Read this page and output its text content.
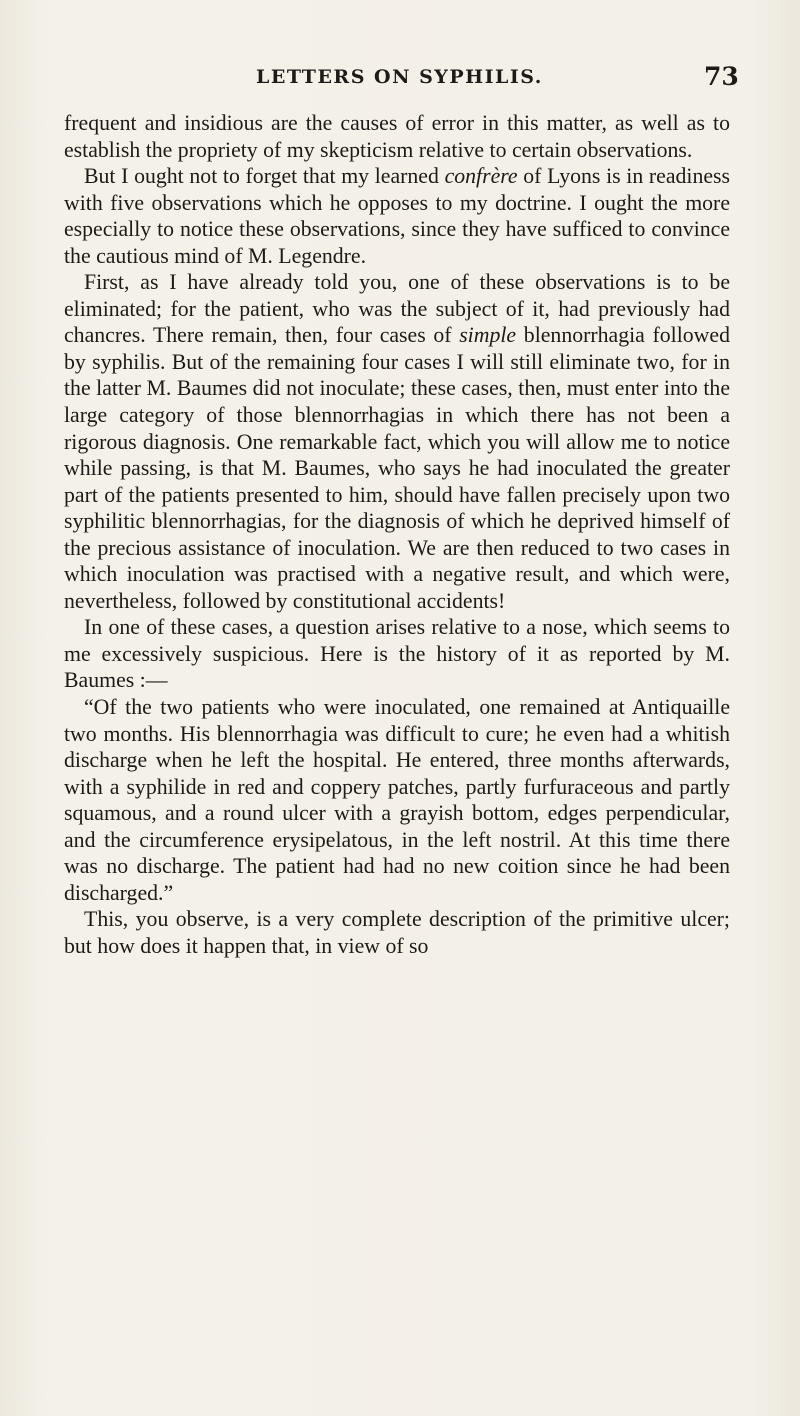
LETTERS ON SYPHILIS.	73

frequent and insidious are the causes of error in this matter, as well as to establish the propriety of my skepticism relative to certain observations.

But I ought not to forget that my learned confrère of Lyons is in readiness with five observations which he opposes to my doctrine. I ought the more especially to notice these observations, since they have sufficed to convince the cautious mind of M. Legendre.

First, as I have already told you, one of these observations is to be eliminated; for the patient, who was the subject of it, had previously had chancres. There remain, then, four cases of simple blennorrhagia followed by syphilis. But of the remaining four cases I will still eliminate two, for in the latter M. Baumes did not inoculate; these cases, then, must enter into the large category of those blennorrhagias in which there has not been a rigorous diagnosis. One remarkable fact, which you will allow me to notice while passing, is that M. Baumes, who says he had inoculated the greater part of the patients presented to him, should have fallen precisely upon two syphilitic blennorrhagias, for the diagnosis of which he deprived himself of the precious assistance of inoculation. We are then reduced to two cases in which inoculation was practised with a negative result, and which were, nevertheless, followed by constitutional accidents!

In one of these cases, a question arises relative to a nose, which seems to me excessively suspicious. Here is the history of it as reported by M. Baumes :—

“Of the two patients who were inoculated, one remained at Antiquaille two months. His blennorrhagia was difficult to cure; he even had a whitish discharge when he left the hospital. He entered, three months afterwards, with a syphilide in red and coppery patches, partly furfuraceous and partly squamous, and a round ulcer with a grayish bottom, edges perpendicular, and the circumference erysipelatous, in the left nostril. At this time there was no discharge. The patient had had no new coition since he had been discharged.”

This, you observe, is a very complete description of the primitive ulcer; but how does it happen that, in view of so
